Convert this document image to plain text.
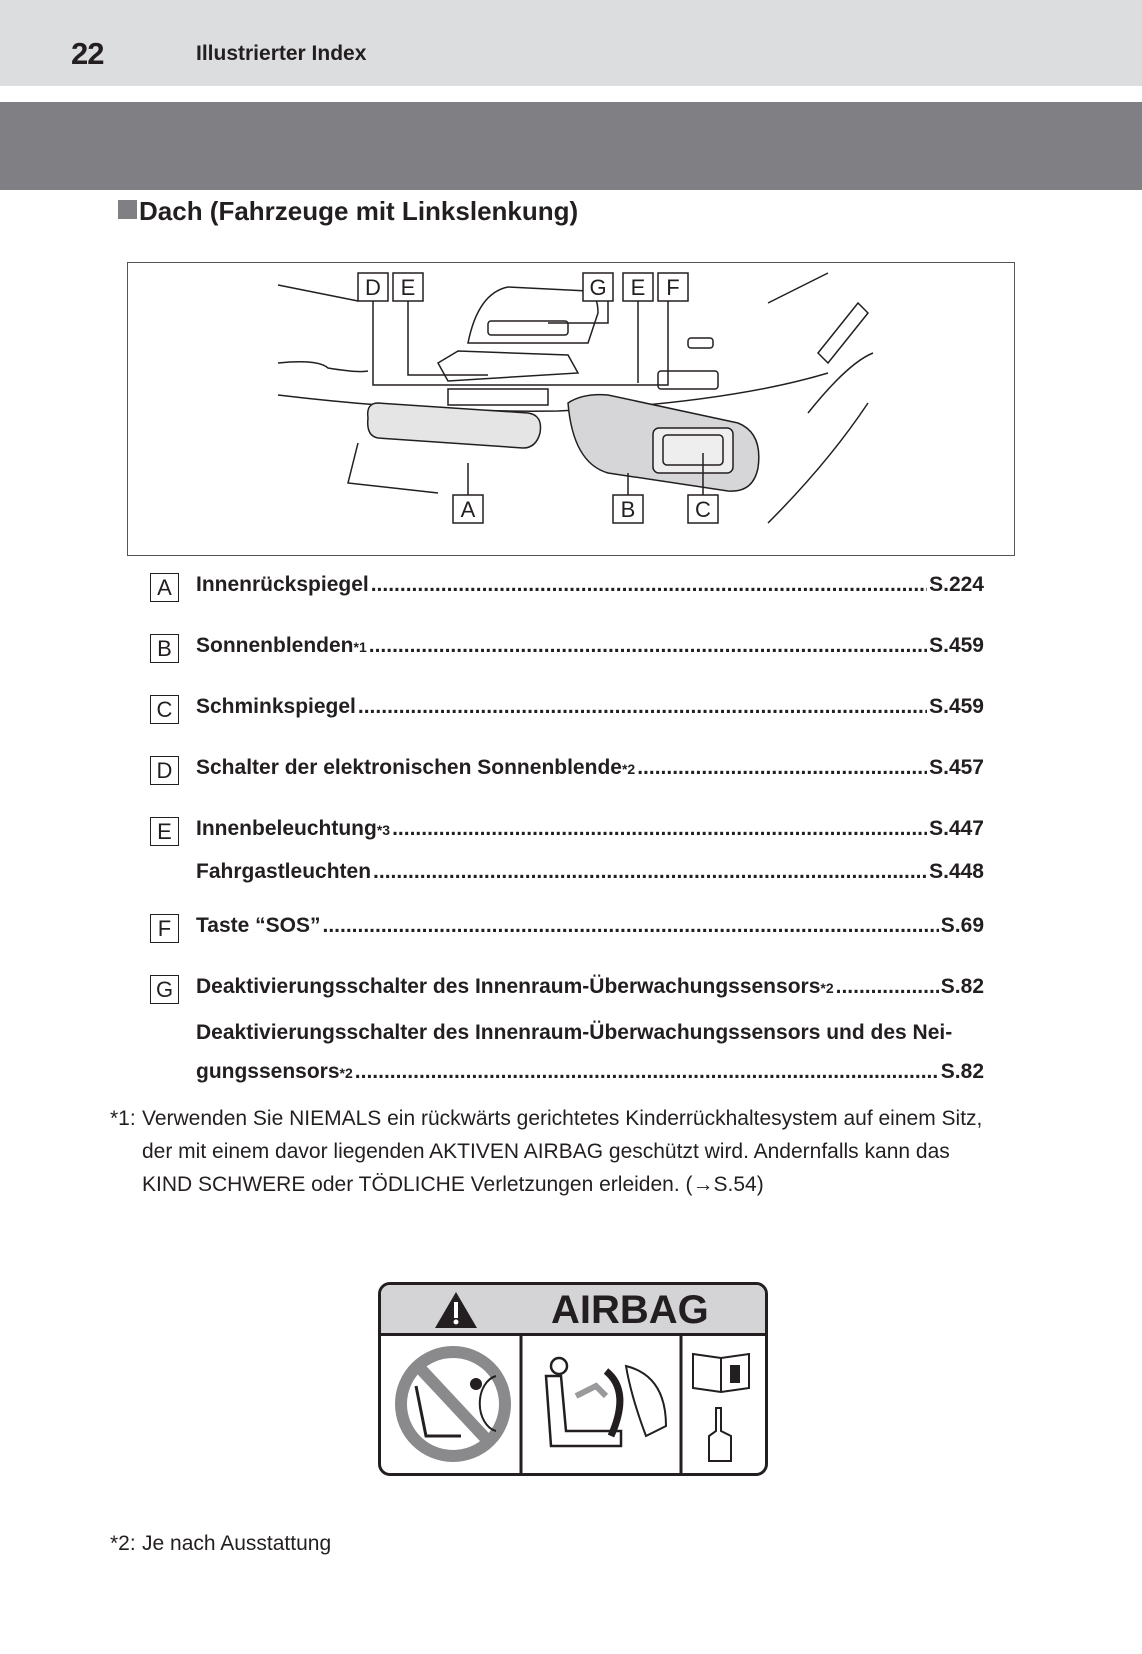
22	Illustrierter Index
Dach (Fahrzeuge mit Linkslenkung)
D E	G E F
A	B	C
A	Innenrückspiegel .....	S.224
B	Sonnenblenden *1 .....	S.459
C	Schminkspiegel .....	S.459
D	Schalter der elektronischen Sonnenblende *2 .....	S.457
E	Innenbeleuchtung *3 .....	S.447
Fahrgastleuchten .....	S.448
F	Taste “SOS” .....	S.69
G Deaktivierungsschalter des Innenraum-Überwachungssensors *2 .....	S.82
Deaktivierungsschalter des Innenraum-Überwachungssensors und des Nei-
gungssensors *2 .....	S.82
*1: Verwenden Sie NIEMALS ein rückwärts gerichtetes Kinderrückhaltesystem auf einem Sitz,
der mit einem davor liegenden AKTIVEN AIRBAG geschützt wird. Andernfalls kann das
KIND SCHWERE oder TÖDLICHE Verletzungen erleiden. (→S.54)
AIRBAG
*2: Je nach Ausstattung
